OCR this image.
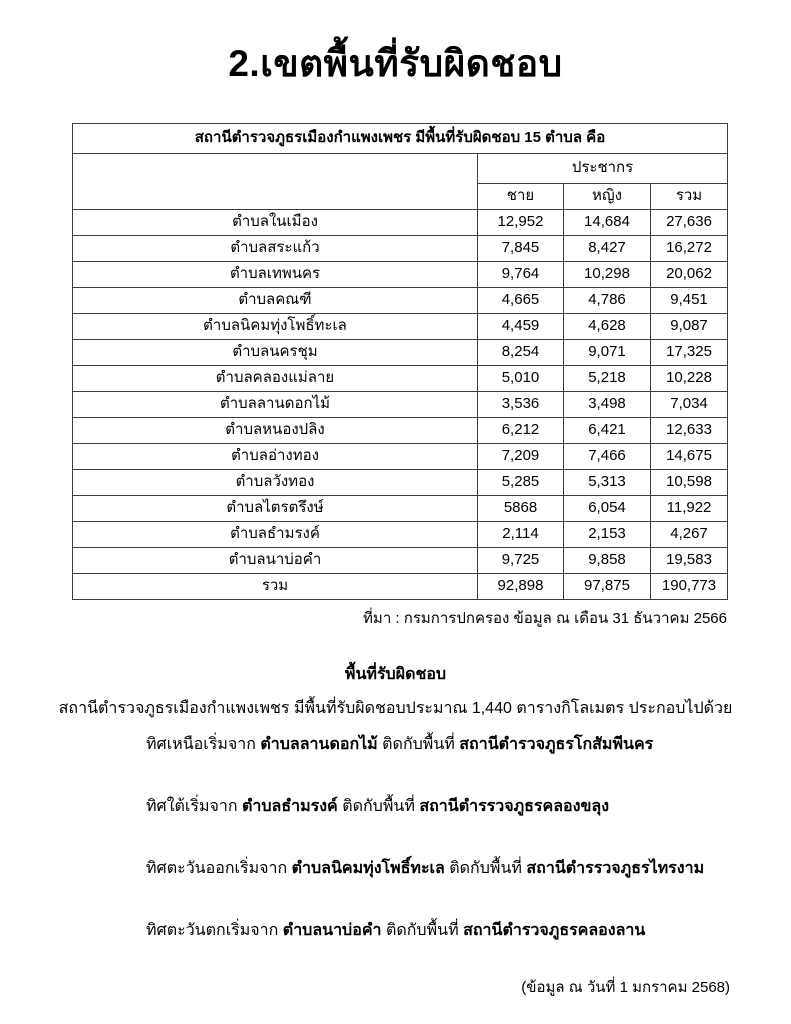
2.เขตพื้นที่รับผิดชอบ
สถานีตำรวจภูธรเมืองกำแพงเพชร มีพื้นที่รับผิดชอบ 15 ตำบล คือ			
	ประชากร		
	ชาย	หญิง	รวม
ตำบลในเมือง	12,952	14,684	27,636
ตำบลสระแก้ว	7,845	8,427	16,272
ตำบลเทพนคร	9,764	10,298	20,062
ตำบลคณฑี	4,665	4,786	9,451
ตำบลนิคมทุ่งโพธิ์ทะเล	4,459	4,628	9,087
ตำบลนครชุม	8,254	9,071	17,325
ตำบลคลองแม่ลาย	5,010	5,218	10,228
ตำบลลานดอกไม้	3,536	3,498	7,034
ตำบลหนองปลิง	6,212	6,421	12,633
ตำบลอ่างทอง	7,209	7,466	14,675
ตำบลวังทอง	5,285	5,313	10,598
ตำบลไตรตรึงษ์	5868	6,054	11,922
ตำบลธำมรงค์	2,114	2,153	4,267
ตำบลนาบ่อคำ	9,725	9,858	19,583
รวม	92,898	97,875	190,773
ที่มา : กรมการปกครอง ข้อมูล ณ เดือน 31 ธันวาคม 2566
พื้นที่รับผิดชอบ

สถานีตำรวจภูธรเมืองกำแพงเพชร มีพื้นที่รับผิดชอบประมาณ 1,440 ตารางกิโลเมตร ประกอบไปด้วย

ทิศเหนือเริ่มจาก ตำบลลานดอกไม้ ติดกับพื้นที่ สถานีตำรวจภูธรโกสัมพีนคร

ทิศใต้เริ่มจาก ตำบลธำมรงค์ ติดกับพื้นที่ สถานีตำรรวจภูธรคลองขลุง

ทิศตะวันออกเริ่มจาก ตำบลนิคมทุ่งโพธิ์ทะเล ติดกับพื้นที่ สถานีตำรรวจภูธรไทรงาม

ทิศตะวันตกเริ่มจาก ตำบลนาบ่อคำ ติดกับพื้นที่ สถานีตำรวจภูธรคลองลาน

(ข้อมูล ณ วันที่ 1 มกราคม 2568)
